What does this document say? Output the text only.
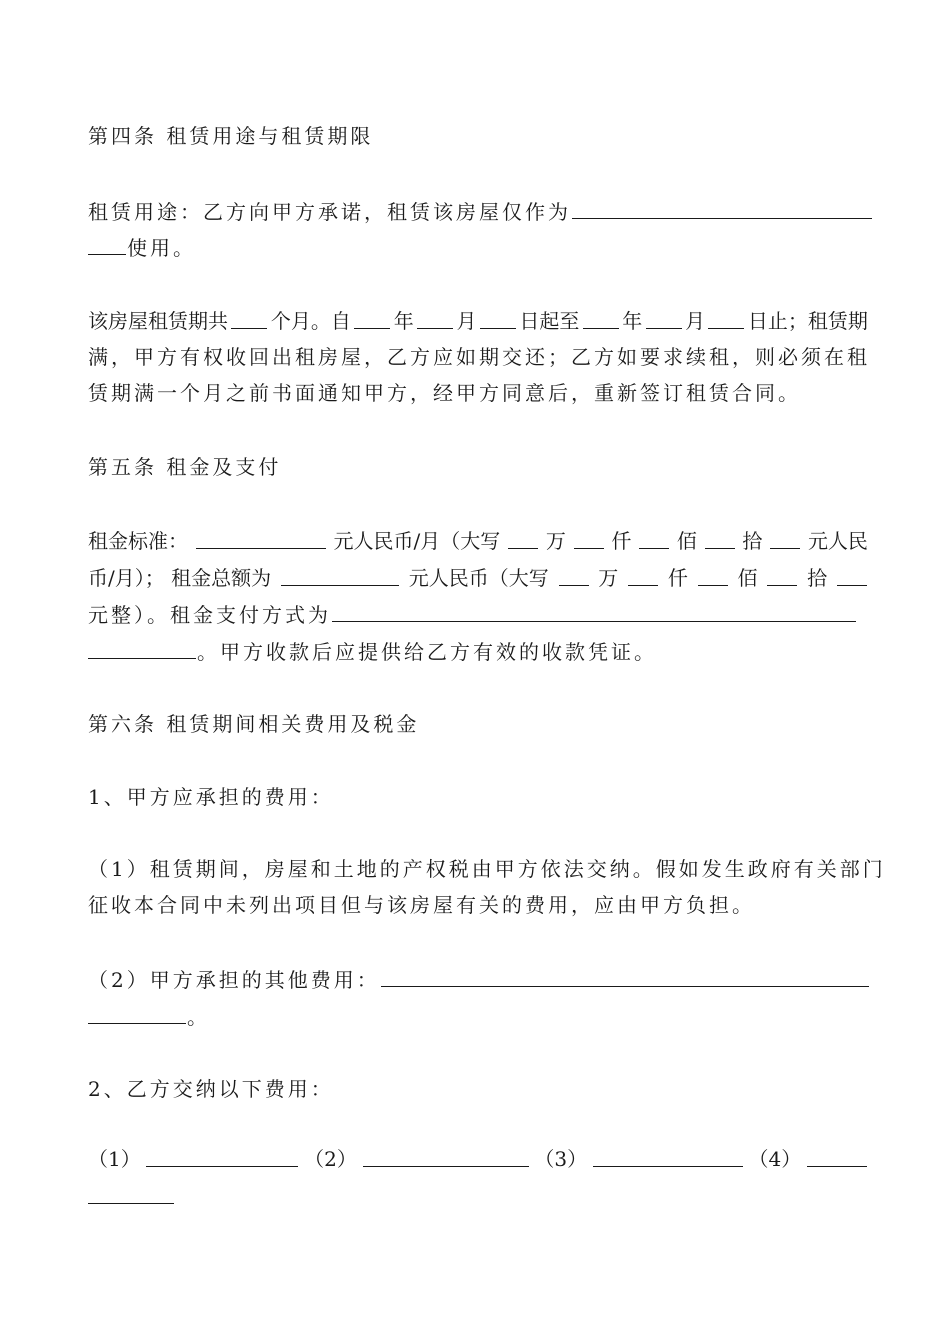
第四条 租赁用途与租赁期限
租赁用途：乙方向甲方承诺，租赁该房屋仅作为
使用。
该房屋租赁期共 个月。自 年 月 日起至 年 月 日止；租赁期
满，甲方有权收回出租房屋，乙方应如期交还；乙方如要求续租，则必须在租
赁期满一个月之前书面通知甲方，经甲方同意后，重新签订租赁合同。
第五条 租金及支付
租金标准：	元人民币/月（大写 万 仟 佰 拾 元人民
币/月）； 租金总额为	元人民币（大写 万 仟 佰 拾
元整）。租金支付方式为
。甲方收款后应提供给乙方有效的收款凭证。
第六条 租赁期间相关费用及税金
1、甲方应承担的费用：
（1）租赁期间，房屋和土地的产权税由甲方依法交纳。假如发生政府有关部门
征收本合同中未列出项目但与该房屋有关的费用，应由甲方负担。
（2）甲方承担的其他费用：
。
2、乙方交纳以下费用：
（1）	（2）	（3）	（4）
